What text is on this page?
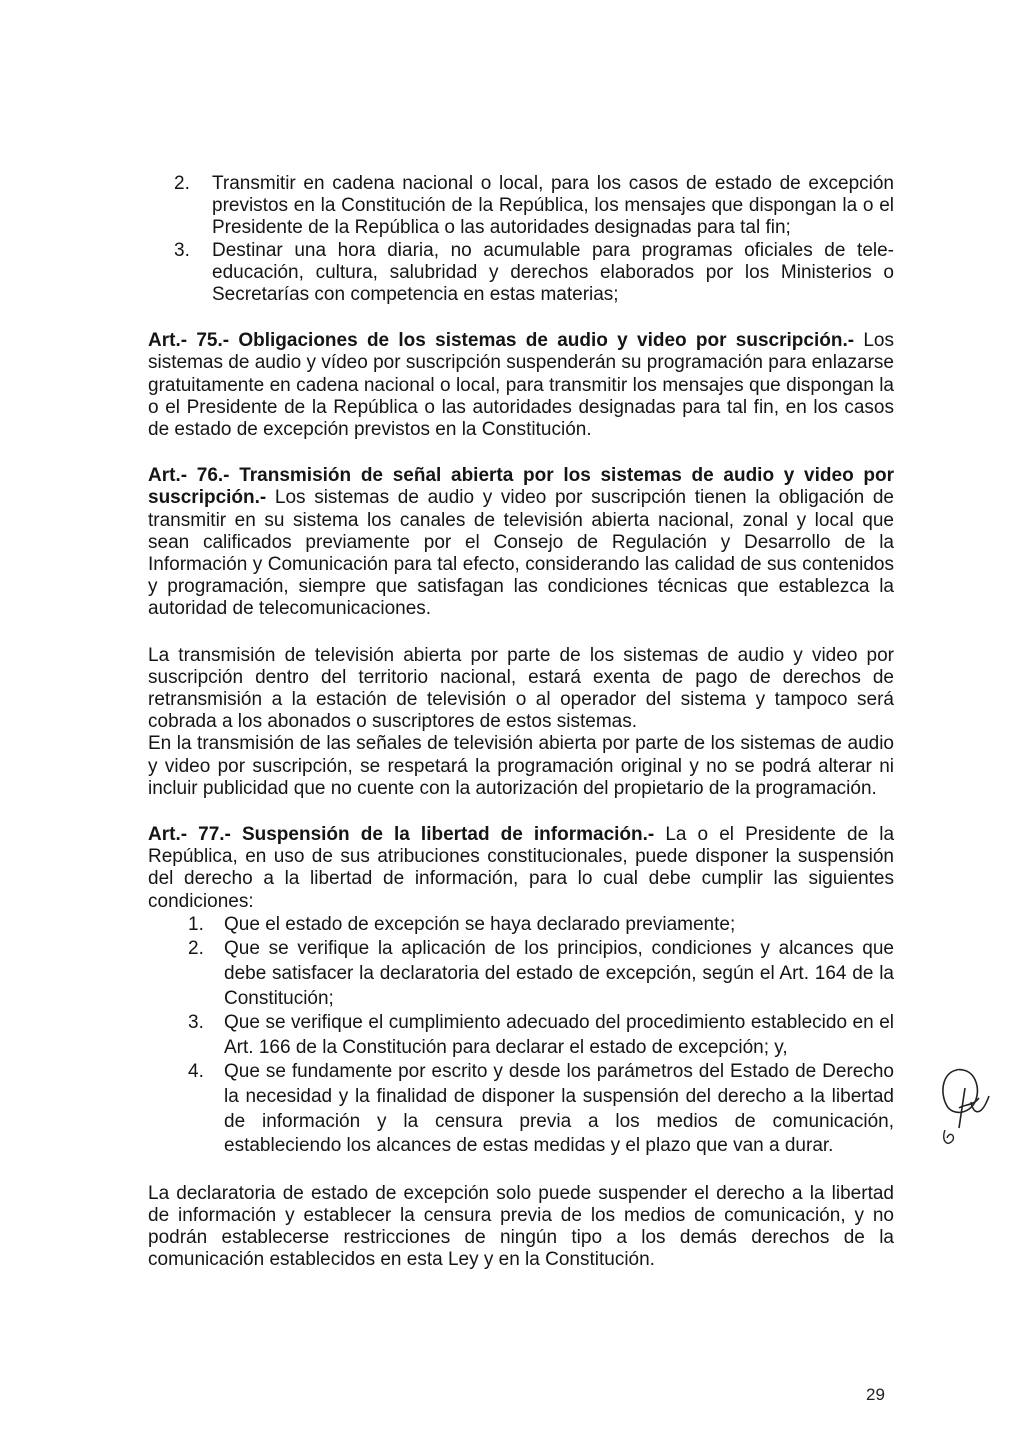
2. Transmitir en cadena nacional o local, para los casos de estado de excepción previstos en la Constitución de la República, los mensajes que dispongan la o el Presidente de la República o las autoridades designadas para tal fin;
3. Destinar una hora diaria, no acumulable para programas oficiales de tele-educación, cultura, salubridad y derechos elaborados por los Ministerios o Secretarías con competencia en estas materias;

Art.- 75.- Obligaciones de los sistemas de audio y video por suscripción.- Los sistemas de audio y vídeo por suscripción suspenderán su programación para enlazarse gratuitamente en cadena nacional o local, para transmitir los mensajes que dispongan la o el Presidente de la República o las autoridades designadas para tal fin, en los casos de estado de excepción previstos en la Constitución.

Art.- 76.- Transmisión de señal abierta por los sistemas de audio y video por suscripción.- Los sistemas de audio y video por suscripción tienen la obligación de transmitir en su sistema los canales de televisión abierta nacional, zonal y local que sean calificados previamente por el Consejo de Regulación y Desarrollo de la Información y Comunicación para tal efecto, considerando las calidad de sus contenidos y programación, siempre que satisfagan las condiciones técnicas que establezca la autoridad de telecomunicaciones.

La transmisión de televisión abierta por parte de los sistemas de audio y video por suscripción dentro del territorio nacional, estará exenta de pago de derechos de retransmisión a la estación de televisión o al operador del sistema y tampoco será cobrada a los abonados o suscriptores de estos sistemas.

En la transmisión de las señales de televisión abierta por parte de los sistemas de audio y video por suscripción, se respetará la programación original y no se podrá alterar ni incluir publicidad que no cuente con la autorización del propietario de la programación.

Art.- 77.- Suspensión de la libertad de información.- La o el Presidente de la República, en uso de sus atribuciones constitucionales, puede disponer la suspensión del derecho a la libertad de información, para lo cual debe cumplir las siguientes condiciones:

1. Que el estado de excepción se haya declarado previamente;
2. Que se verifique la aplicación de los principios, condiciones y alcances que debe satisfacer la declaratoria del estado de excepción, según el Art. 164 de la Constitución;
3. Que se verifique el cumplimiento adecuado del procedimiento establecido en el Art. 166 de la Constitución para declarar el estado de excepción; y,
4. Que se fundamente por escrito y desde los parámetros del Estado de Derecho la necesidad y la finalidad de disponer la suspensión del derecho a la libertad de información y la censura previa a los medios de comunicación, estableciendo los alcances de estas medidas y el plazo que van a durar.

La declaratoria de estado de excepción solo puede suspender el derecho a la libertad de información y establecer la censura previa de los medios de comunicación, y no podrán establecerse restricciones de ningún tipo a los demás derechos de la comunicación establecidos en esta Ley y en la Constitución.

29
